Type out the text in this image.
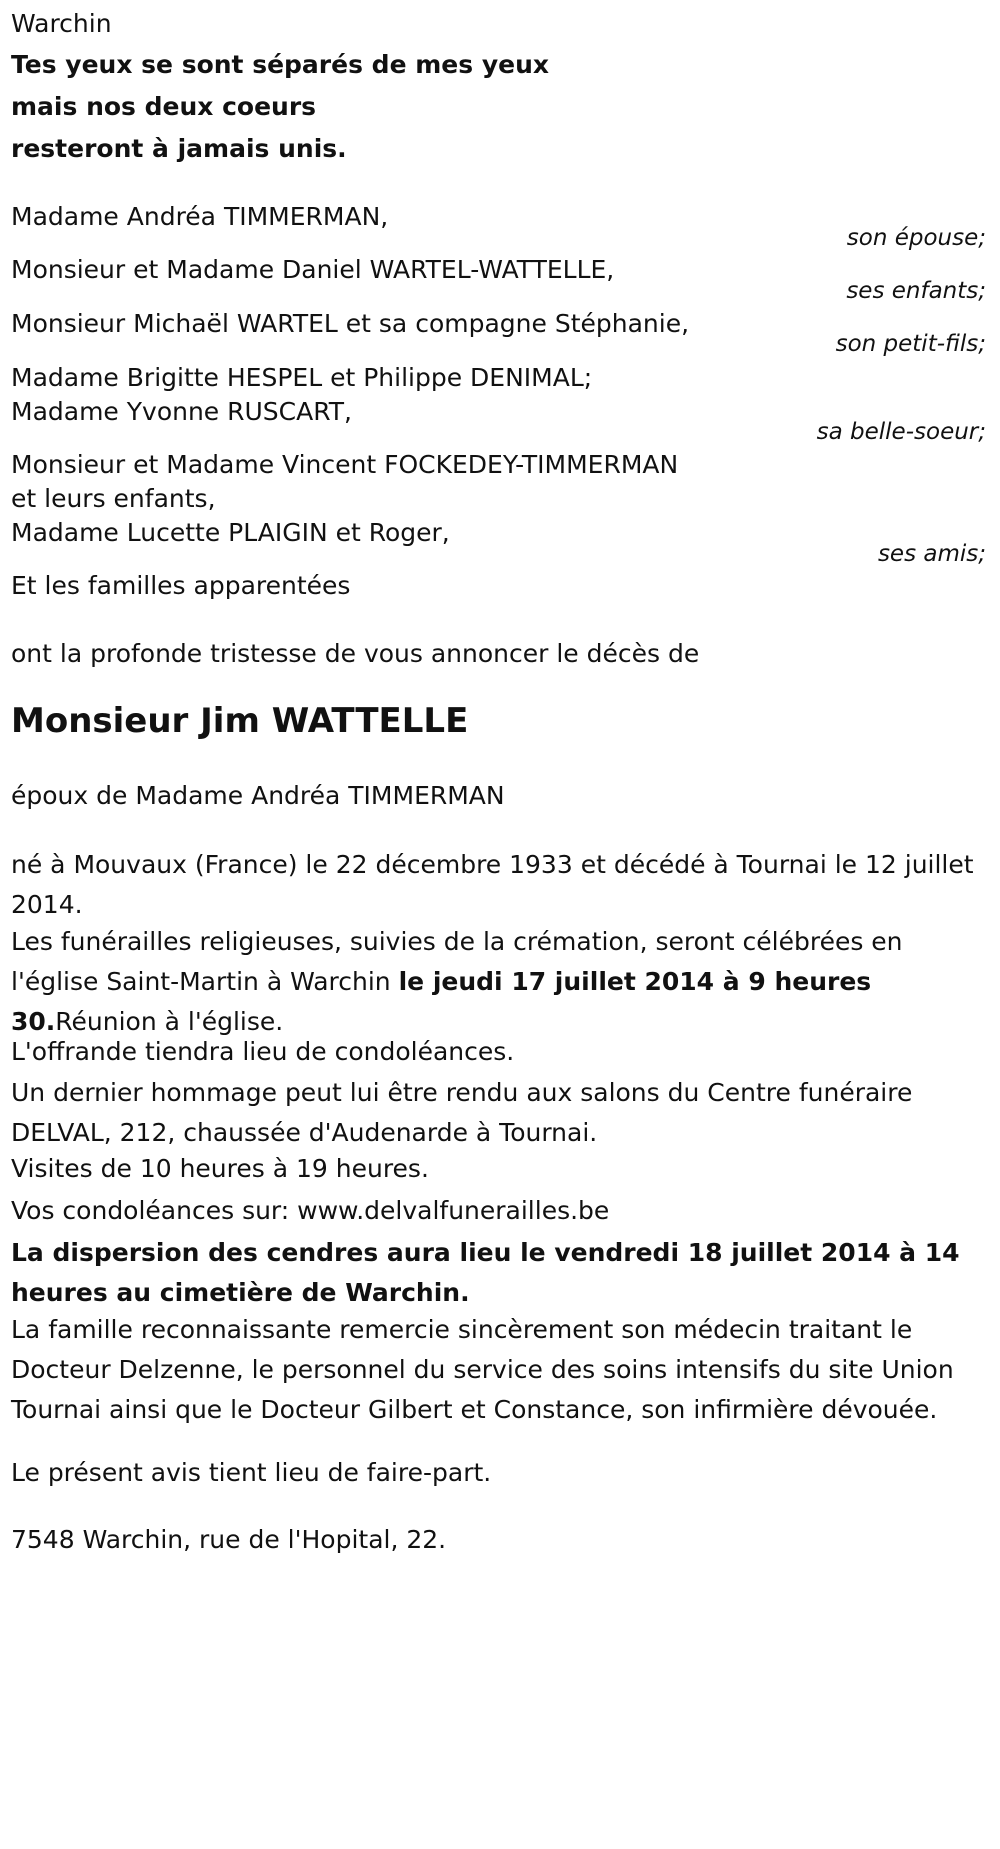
Warchin
Tes yeux se sont séparés de mes yeux
mais nos deux coeurs
resteront à jamais unis.
Madame Andréa TIMMERMAN,
son épouse;
Monsieur et Madame Daniel WARTEL-WATTELLE,
ses enfants;
Monsieur Michaël WARTEL et sa compagne Stéphanie,
son petit-fils;
Madame Brigitte HESPEL et Philippe DENIMAL;
Madame Yvonne RUSCART,
sa belle-soeur;
Monsieur et Madame Vincent FOCKEDEY-TIMMERMAN
et leurs enfants,
Madame Lucette PLAIGIN et Roger,
ses amis;
Et les familles apparentées
ont la profonde tristesse de vous annoncer le décès de
Monsieur Jim WATTELLE
époux de Madame Andréa TIMMERMAN
né à Mouvaux (France) le 22 décembre 1933 et décédé à Tournai le 12 juillet 2014.
Les funérailles religieuses, suivies de la crémation, seront célébrées en l'église Saint-Martin à Warchin le jeudi 17 juillet 2014 à 9 heures 30.Réunion à l'église.
L'offrande tiendra lieu de condoléances.
Un dernier hommage peut lui être rendu aux salons du Centre funéraire DELVAL, 212, chaussée d'Audenarde à Tournai.
Visites de 10 heures à 19 heures.
Vos condoléances sur: www.delvalfunerailles.be
La dispersion des cendres aura lieu le vendredi 18 juillet 2014 à 14 heures au cimetière de Warchin.
La famille reconnaissante remercie sincèrement son médecin traitant le Docteur Delzenne, le personnel du service des soins intensifs du site Union Tournai ainsi que le Docteur Gilbert et Constance, son infirmière dévouée.
Le présent avis tient lieu de faire-part.
7548 Warchin, rue de l'Hopital, 22.
